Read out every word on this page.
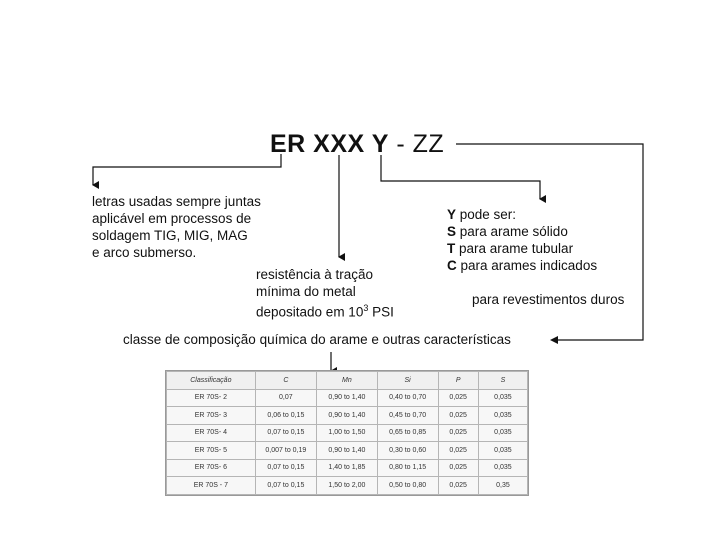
ER XXX Y - ZZ
letras usadas sempre juntas
aplicável em processos de
soldagem TIG, MIG, MAG
e arco submerso.
resistência à tração
mínima do metal
depositado em $10^3$ PSI
Y pode ser:
S para arame sólido
T para arame tubular
C para arames indicados
para revestimentos duros
classe de composição química do arame e outras características
Classificação	C	Mn	Si	P	S
ER 70S- 2	0,07	0,90 to 1,40	0,40 to 0,70	0,025	0,035
ER 70S- 3	0,06 to 0,15	0,90 to 1,40	0,45 to 0,70	0,025	0,035
ER 70S- 4	0,07 to 0,15	1,00 to 1,50	0,65 to 0,85	0,025	0,035
ER 70S- 5	0,007 to 0,19	0,90 to 1,40	0,30 to 0,60	0,025	0,035
ER 70S- 6	0,07 to 0,15	1,40 to 1,85	0,80 to 1,15	0,025	0,035
ER 70S - 7	0,07 to 0,15	1,50 to 2,00	0,50 to 0,80	0,025	0,35
